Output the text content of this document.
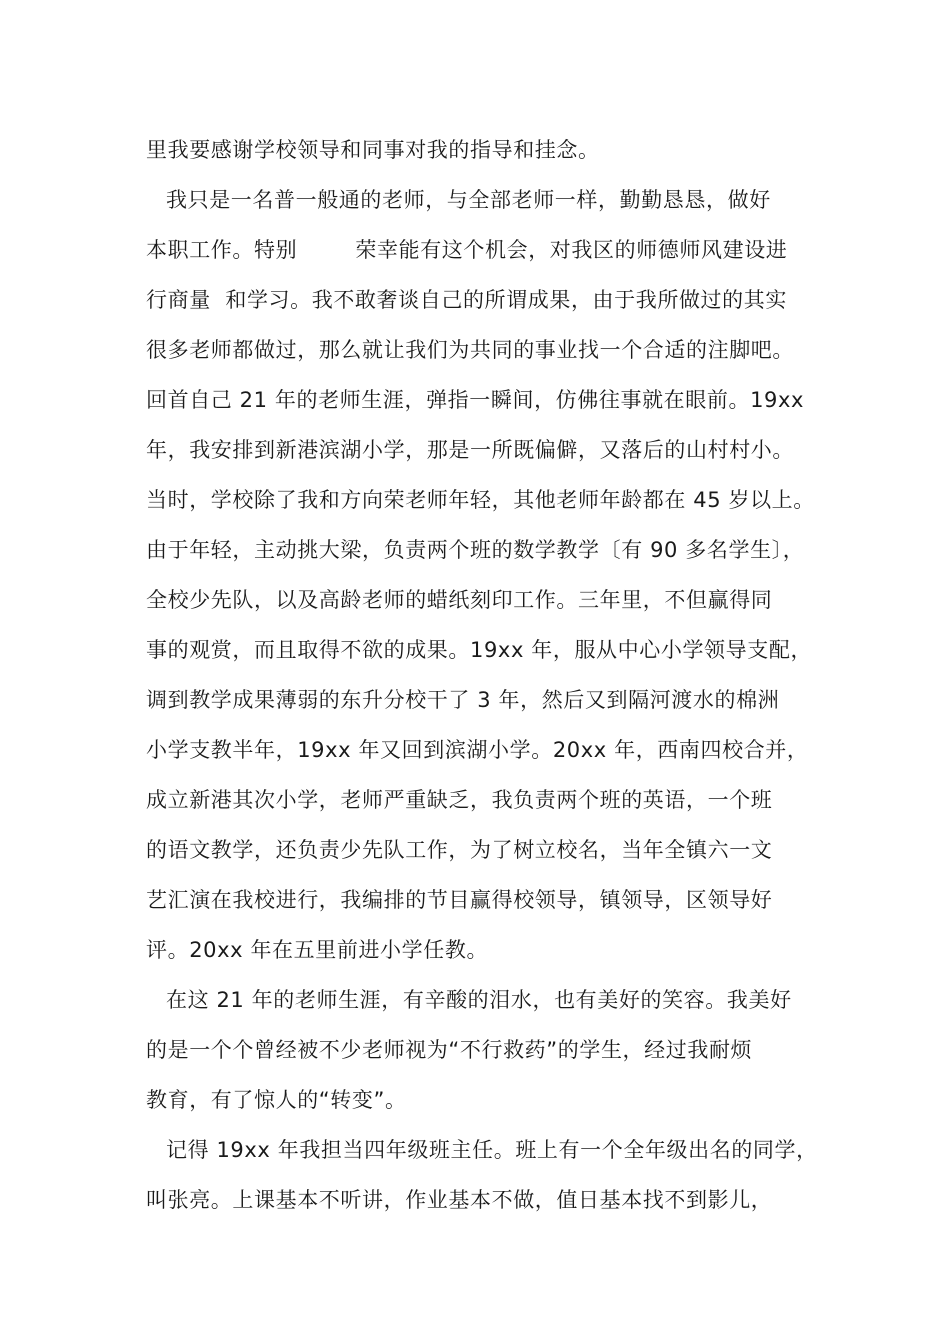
里我要感谢学校领导和同事对我的指导和挂念。
我只是一名普一般通的老师，与全部老师一样，勤勤恳恳，做好
本职工作。特别        荣幸能有这个机会，对我区的师德师风建设进
行商量  和学习。我不敢奢谈自己的所谓成果，由于我所做过的其实
很多老师都做过，那么就让我们为共同的事业找一个合适的注脚吧。
回首自己 21 年的老师生涯，弹指一瞬间，仿佛往事就在眼前。19xx
年，我安排到新港滨湖小学，那是一所既偏僻，又落后的山村村小。
当时，学校除了我和方向荣老师年轻，其他老师年龄都在 45 岁以上。
由于年轻，主动挑大梁，负责两个班的数学教学〔有 90 多名学生〕，
全校少先队，以及高龄老师的蜡纸刻印工作。三年里，不但赢得同
事的观赏，而且取得不欲的成果。19xx 年，服从中心小学领导支配，
调到教学成果薄弱的东升分校干了 3 年，然后又到隔河渡水的棉洲
小学支教半年，19xx 年又回到滨湖小学。20xx 年，西南四校合并，
成立新港其次小学，老师严重缺乏，我负责两个班的英语，一个班
的语文教学，还负责少先队工作，为了树立校名，当年全镇六一文
艺汇演在我校进行，我编排的节目赢得校领导，镇领导，区领导好
评。20xx 年在五里前进小学任教。
在这 21 年的老师生涯，有辛酸的泪水，也有美好的笑容。我美好
的是一个个曾经被不少老师视为“不行救药”的学生，经过我耐烦
教育，有了惊人的“转变”。
记得 19xx 年我担当四年级班主任。班上有一个全年级出名的同学，
叫张亮。上课基本不听讲，作业基本不做，值日基本找不到影儿，
